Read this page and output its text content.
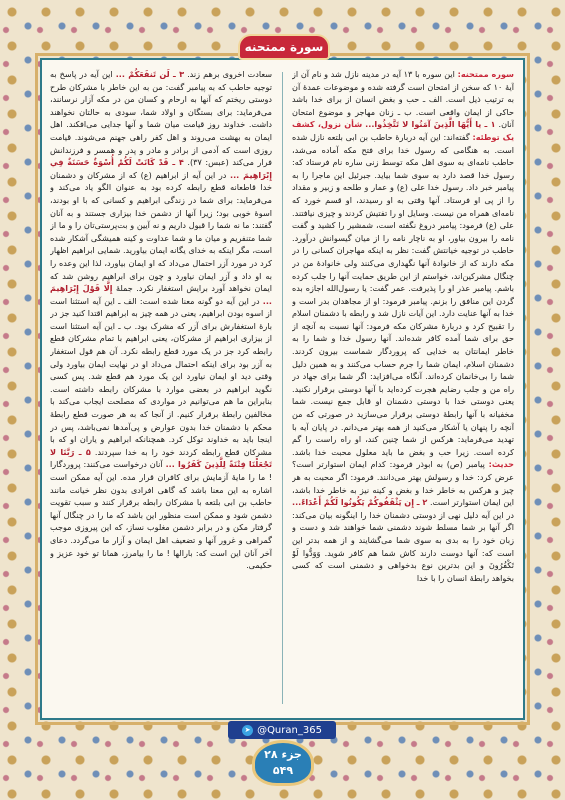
سورة ممتحنه

سوره ممتحنه: این سوره با ۱۳ آیه در مدینه نازل شد و نام آن از آیهٔ ۱۰ که سخن از امتحان است گرفته شده و موضوعات عمدهٔ آن به ترتیب ذیل است. الف ـ حب و بغض انسان از برای خدا باشد حاکی از ایمان واقعی است. ب ـ زنان مهاجر و موضوع امتحان آنان. ۱ ـ يا أَيُّهَا الَّذِينَ آمَنُوا لا تَتَّخِذُوا... شأن نزول، کشف یک توطئه: گفته‌اند: این آیه دربارهٔ حاطب بن ابی بلتعه نازل شده است. به هنگامی که رسول خدا برای فتح مکه آماده می‌شد، حاطب نامه‌ای به سوی اهل مکه توسط زنی ساره نام فرستاد که: رسول خدا قصد دارد به سوی شما بیاید. جبرئیل این ماجرا را به پیامبر خبر داد. رسول خدا علی (ع) و عمار و طلحه و زبیر و مقداد را از پی او فرستاد. آنها وقتی به او رسیدند، او قسم خورد که نامه‌ای همراه من نیست. وسایل او را تفتیش کردند و چیزی نیافتند. علی (ع) فرمود: پیامبر دروغ نگفته است، شمشیر را کشید و گفت نامه را بیرون بیاور، او به ناچار نامه را از میان گیسوانش درآورد. حاطب در توجیه خیانتش گفت: نظر به اینکه مهاجران کسانی را در مکه دارند که از خانوادهٔ آنها نگهداری می‌کنند ولی خانوادهٔ من در چنگال مشرکین‌اند، خواستم از این طریق حمایت آنها را جلب کرده باشم. پیامبر عذر او را پذیرفت. عمر گفت: یا رسول‌الله اجازه بده گردن این منافق را بزنم. پیامبر فرمود: او از مجاهدان بدر است و خدا به آنها عنایت دارد. این آیات نازل شد و رابطه با دشمنان اسلام را تقبیح کرد و دربارهٔ مشرکان مکه فرمود: آنها نسبت به آنچه از حق برای شما آمده کافر شده‌اند. آنها رسول خدا و شما را به خاطر ایمانتان به خدایی که پروردگار شماست بیرون کردند. دشمنان اسلام، ایمان شما را جرم حساب می‌کنند و به همین دلیل شما را بی‌خانمان کرده‌اند. آنگاه می‌افزاید: اگر شما برای جهاد در راه من و جلب رضایم هجرت کرده‌اید با آنها دوستی برقرار نکنید. یعنی دوستی خدا با دوستی دشمنان او قابل جمع نیست. شما مخفیانه با آنها رابطهٔ دوستی برقرار می‌سازید در صورتی که من آنچه را پنهان یا آشکار می‌کنید از همه بهتر می‌دانم. در پایان آیه با تهدید می‌فرماید: هرکس از شما چنین کند، او راه راست را گم کرده است. زیرا حب و بغض ما باید معلول محبت خدا باشد. حدیث: پیامبر (ص) به ابوذر فرمود: کدام ایمان استوارتر است؟ عرض کرد: خدا و رسولش بهتر می‌دانند. فرمود: اگر محبت به هر چیز و هرکس به خاطر خدا و بغض و کینه نیز به خاطر خدا باشد، این ایمان استوارتر است. ۲ ـ إِن يَثْقَفُوكُمْ يَكُونُوا لَكُمْ أَعْدَاءً... در این آیه دلیل نهی از دوستی دشمنان خدا را اینگونه بیان می‌کند: اگر آنها بر شما مسلط شوند دشمنی شما خواهند شد و دست و زبان خود را به بدی به سوی شما می‌گشایند و از همه بدتر این است که: آنها دوست دارند کاش شما هم کافر شوید. وَوَدُّوا لَوْ تَكْفُرُونَ و این بدترین نوع بدخواهی و دشمنی است که کسی بخواهد رابطهٔ انسان را با خدا

سعادت اخروی برهم زند. ۳ ـ لَن تَنفَعَكُمْ ... این آیه در پاسخ به توجیه حاطب که به پیامبر گفت: من به این خاطر با مشرکان طرح دوستی ریختم که آنها به ارحام و کسان من در مکه آزار نرسانند، می‌فرماید: برای بستگان و اولاد شما، سودی به حالتان نخواهند داشت. خداوند روز قیامت میان شما و آنها جدایی می‌افکند. اهل ایمان به بهشت می‌روند و اهل کفر راهی جهنم می‌شوند. قیامت روزی است که آدمی از برادر و مادر و پدر و همسر و فرزندانش فرار می‌کند (عبس: ۳۷). ۴ ـ قَدْ كَانَتْ لَكُمْ أُسْوَةٌ حَسَنَةٌ فِي إِبْرَاهِيمَ ... در این آیه از ابراهیم (ع) که از مشرکان و دشمنان خدا قاطعانه قطع رابطه کرده بود به عنوان الگو یاد می‌کند و می‌فرماید: برای شما در زندگی ابراهیم و کسانی که با او بودند، اسوهٔ خوبی بود؛ زیرا آنها از دشمن خدا بیزاری جستند و به آنان گفتند: ما نه شما را قبول داریم و نه آیین و بت‌پرستی‌تان را و ما از شما متنفریم و میان ما و شما عداوت و کینه همیشگی آشکار شده است، مگر اینکه به خدای یگانه ایمان بیاورید. شمایی ابراهیم اظهار کرد در مورد آزر احتمال می‌داد که او ایمان بیاورد، لذا این وعده را به او داد و آزر ایمان نیاورد و چون برای ابراهیم روشن شد که ایمان نخواهد آورد برایش استغفار نکرد. جملهٔ إِلَّا قَوْلَ إِبْرَاهِيمَ ... در این آیه دو گونه معنا شده است: الف ـ این آیه استثنا است از اسوه بودن ابراهیم، یعنی در همه چیز به ابراهیم اقتدا کنید جز در بارهٔ استغفارش برای آزر که مشرک بود. ب ـ این آیه استثنا است از بیزاری ابراهیم از مشرکان، یعنی ابراهیم با تمام مشرکان قطع رابطه کرد جز در یک مورد قطع رابطه نکرد. آن هم قول استغفار به آزر بود برای اینکه احتمال می‌داد او در نهایت ایمان بیاورد ولی وقتی دید او ایمان نیاورد این یک مورد هم قطع شد. پس کسی نگوید ابراهیم در بعضی موارد با مشرکان رابطه داشته است. بنابراین ما هم می‌توانیم در مواردی که مصلحت ایجاب می‌کند با مخالفین رابطهٔ برقرار کنیم. از آنجا که به هر صورت قطع رابطهٔ محکم با دشمنان خدا بدون عوارض و پی‌آمدها نمی‌باشد، پس در اینجا باید به خداوند توکل کرد. همچنانکه ابراهیم و یاران او که با مشرکان قطع رابطه کردند خود را به خدا سپردند. ۵ ـ رَبَّنَا لا تَجْعَلْنَا فِتْنَةً لِلَّذِينَ كَفَرُوا ... آنان درخواست می‌کنند: پروردگارا ! ما را مایهٔ آزمایش برای کافران قرار مده. این آیه ممکن است اشاره به این معنا باشد که گاهی افرادی بدون نظر خیانت مانند حاطب بن ابی بلتعه با مشرکان رابطه برقرار کنند و سبب تقویت دشمن شود و ممکن است منظور این باشد که ما را در چنگال آنها گرفتار مکن و در برابر دشمن مغلوب نساز، که این پیروزی موجب گمراهی و غرور آنها و تضعیف اهل ایمان و آزار ما می‌گردد. دعای آخر آنان این است که: بارالها ! ما را بیامرز، همانا تو خود عزیز و حکیمی.

➤ @Quran_365
جزء ۲۸
۵۴۹
